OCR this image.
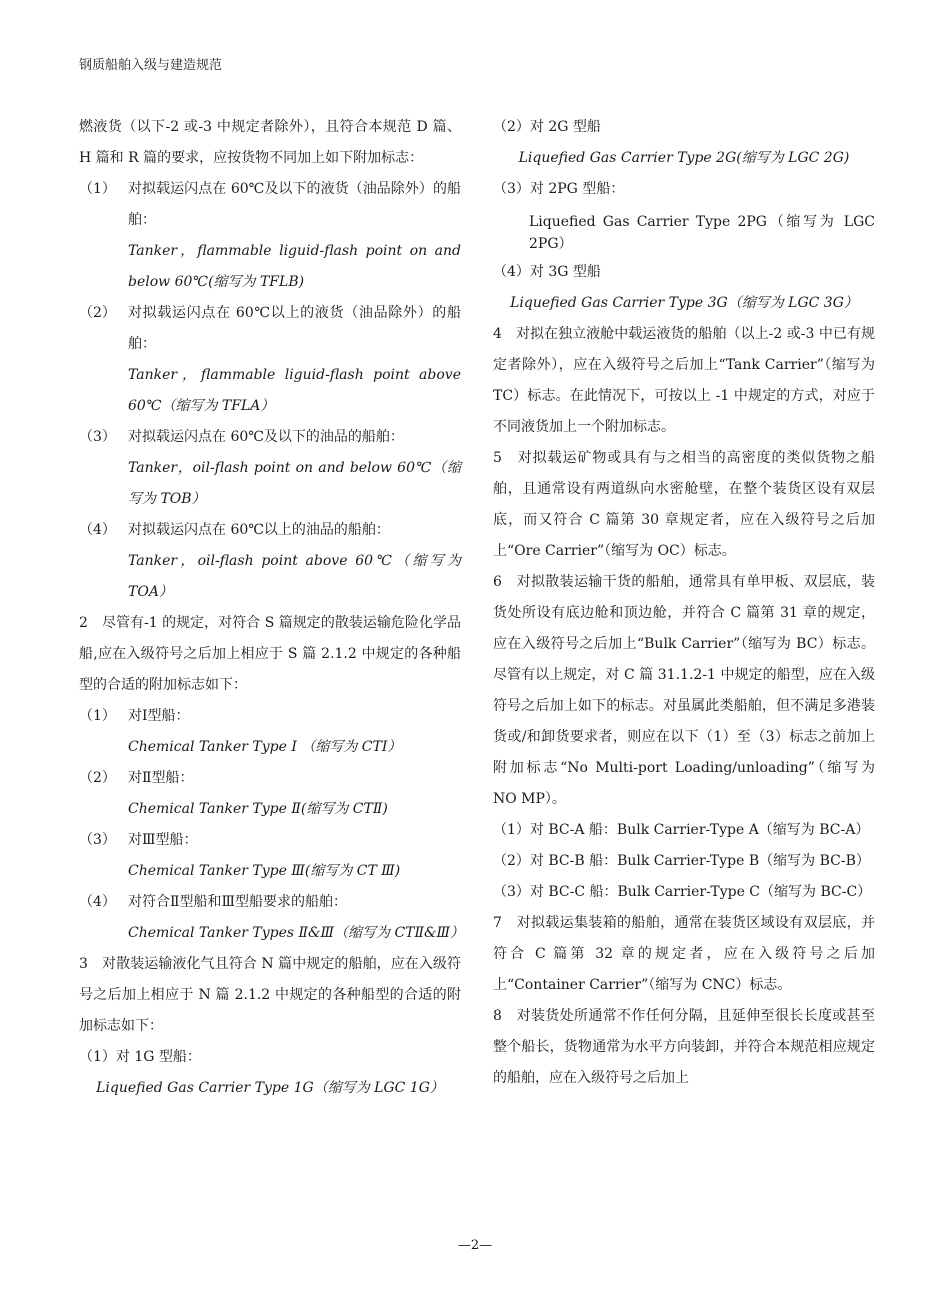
钢质船舶入级与建造规范

燃液货（以下-2 或-3 中规定者除外），且符合本规范 D 篇、H 篇和 R 篇的要求，应按货物不同加上如下附加标志：

（1） 对拟载运闪点在 60℃及以下的液货（油品除外）的船舶：

Tanker，flammable liguid-flash point on and below 60℃(缩写为 TFLB)

（2） 对拟载运闪点在 60℃以上的液货（油品除外）的船舶：

Tanker，flammable liguid-flash point above 60℃（缩写为 TFLA）

（3） 对拟载运闪点在 60℃及以下的油品的船舶：

Tanker，oil-flash point on and below 60℃（缩写为 TOB）

（4） 对拟载运闪点在 60℃以上的油品的船舶：

Tanker，oil-flash point above 60℃（缩写为 TOA）

2　尽管有-1 的规定，对符合 S 篇规定的散装运输危险化学品船,应在入级符号之后加上相应于 S 篇 2.1.2 中规定的各种船型的合适的附加标志如下：

（1） 对Ⅰ型船：

Chemical Tanker Type Ⅰ （缩写为 CTⅠ）

（2） 对Ⅱ型船：

Chemical Tanker Type Ⅱ(缩写为 CTⅡ)

（3） 对Ⅲ型船：

Chemical Tanker Type Ⅲ(缩写为 CT Ⅲ)

（4） 对符合Ⅱ型船和Ⅲ型船要求的船舶：

Chemical Tanker Types Ⅱ&Ⅲ（缩写为 CTⅡ&Ⅲ）

3　对散装运输液化气且符合 N 篇中规定的船舶，应在入级符号之后加上相应于 N 篇 2.1.2 中规定的各种船型的合适的附加标志如下：

（1）对 1G 型船：

Liquefied Gas Carrier Type 1G（缩写为 LGC 1G）

（2）对 2G 型船

Liquefied Gas Carrier Type 2G(缩写为 LGC 2G)

（3）对 2PG 型船：

Liquefied Gas Carrier Type 2PG（缩写为 LGC 2PG）

（4）对 3G 型船

Liquefied Gas Carrier Type 3G（缩写为 LGC 3G）

4　对拟在独立液舱中载运液货的船舶（以上-2 或-3 中已有规定者除外），应在入级符号之后加上“Tank Carrier”（缩写为 TC）标志。在此情况下，可按以上 -1 中规定的方式，对应于不同液货加上一个附加标志。

5　对拟载运矿物或具有与之相当的高密度的类似货物之船舶，且通常设有两道纵向水密舱壁，在整个装货区设有双层底，而又符合 C 篇第 30 章规定者，应在入级符号之后加上“Ore Carrier”（缩写为 OC）标志。

6　对拟散装运输干货的船舶，通常具有单甲板、双层底，装货处所设有底边舱和顶边舱，并符合 C 篇第 31 章的规定，应在入级符号之后加上“Bulk Carrier”（缩写为 BC）标志。尽管有以上规定，对 C 篇 31.1.2-1 中规定的船型，应在入级符号之后加上如下的标志。对虽属此类船舶，但不满足多港装货或/和卸货要求者，则应在以下（1）至（3）标志之前加上附加标志“No Multi-port Loading/unloading”（缩写为 NO MP）。

（1）对 BC-A 船：Bulk Carrier-Type A（缩写为 BC-A）

（2）对 BC-B 船：Bulk Carrier-Type B（缩写为 BC-B）

（3）对 BC-C 船：Bulk Carrier-Type C（缩写为 BC-C）

7　对拟载运集装箱的船舶，通常在装货区域设有双层底，并符合 C 篇第 32 章的规定者，应在入级符号之后加上“Container Carrier”（缩写为 CNC）标志。

8　对装货处所通常不作任何分隔，且延伸至很长长度或甚至整个船长，货物通常为水平方向装卸，并符合本规范相应规定的船舶，应在入级符号之后加上

—2—
